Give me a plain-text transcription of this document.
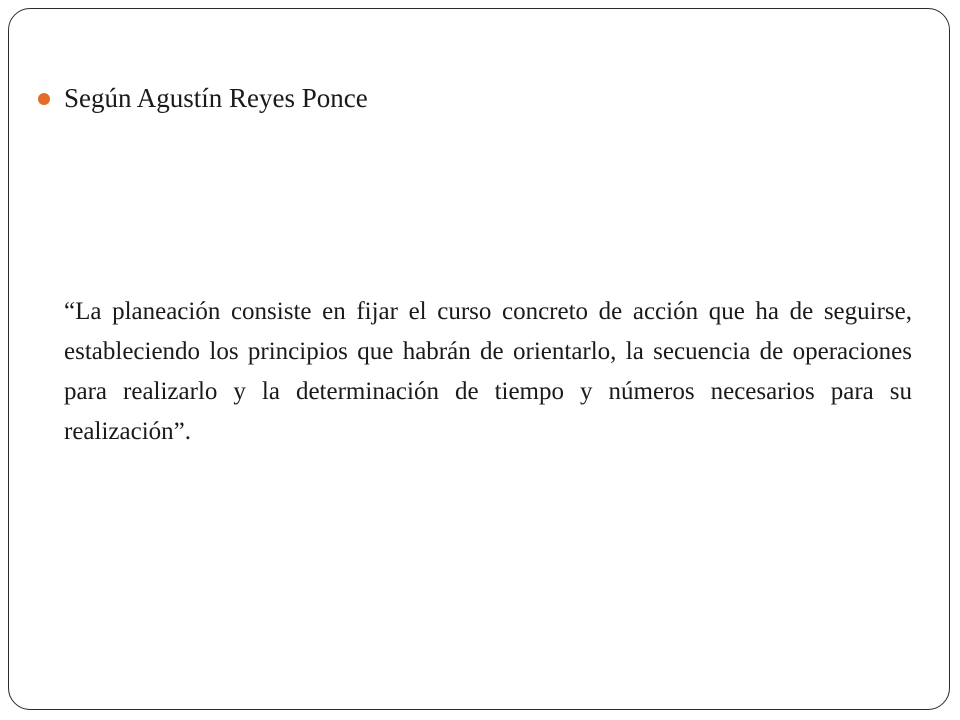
Según Agustín Reyes Ponce

“La planeación consiste en fijar el curso concreto de acción que ha de seguirse, estableciendo los principios que habrán de orientarlo, la secuencia de operaciones para realizarlo y la determinación de tiempo y números necesarios para su realización”.
